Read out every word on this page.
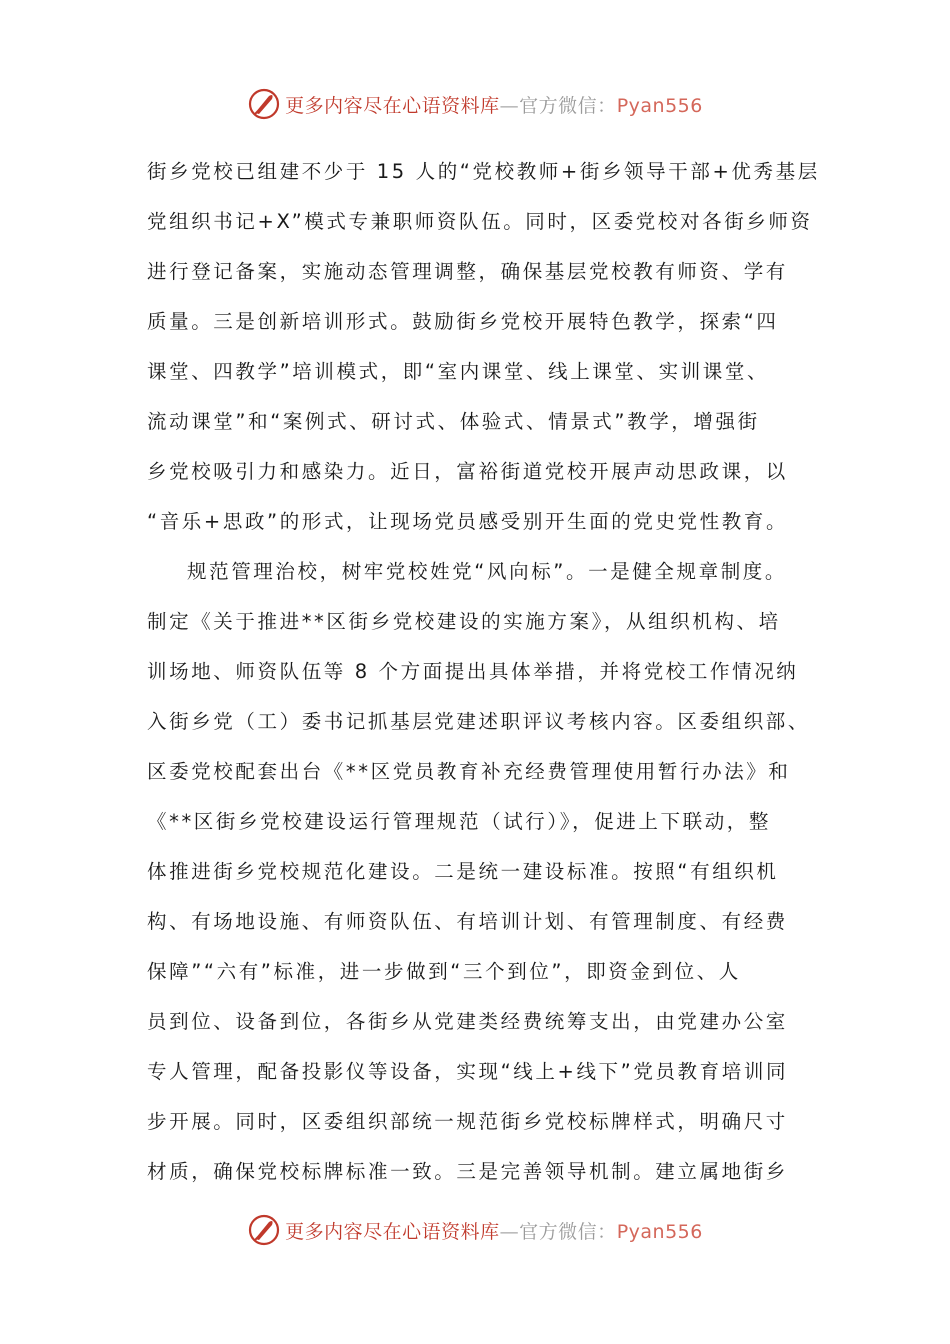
更多内容尽在心语资料库—官方微信：Pyan556
街乡党校已组建不少于 15 人的“党校教师+街乡领导干部+优秀基层
党组织书记+X”模式专兼职师资队伍。同时，区委党校对各街乡师资
进行登记备案，实施动态管理调整，确保基层党校教有师资、学有
质量。三是创新培训形式。鼓励街乡党校开展特色教学，探索“四
课堂、四教学”培训模式，即“室内课堂、线上课堂、实训课堂、
流动课堂”和“案例式、研讨式、体验式、情景式”教学，增强街
乡党校吸引力和感染力。近日，富裕街道党校开展声动思政课，以
“音乐+思政”的形式，让现场党员感受别开生面的党史党性教育。
规范管理治校，树牢党校姓党“风向标”。一是健全规章制度。
制定《关于推进**区街乡党校建设的实施方案》，从组织机构、培
训场地、师资队伍等 8 个方面提出具体举措，并将党校工作情况纳
入街乡党（工）委书记抓基层党建述职评议考核内容。区委组织部、
区委党校配套出台《**区党员教育补充经费管理使用暂行办法》和
《**区街乡党校建设运行管理规范（试行）》，促进上下联动，整
体推进街乡党校规范化建设。二是统一建设标准。按照“有组织机
构、有场地设施、有师资队伍、有培训计划、有管理制度、有经费
保障”“六有”标准，进一步做到“三个到位”，即资金到位、人
员到位、设备到位，各街乡从党建类经费统筹支出，由党建办公室
专人管理，配备投影仪等设备，实现“线上+线下”党员教育培训同
步开展。同时，区委组织部统一规范街乡党校标牌样式，明确尺寸
材质，确保党校标牌标准一致。三是完善领导机制。建立属地街乡
更多内容尽在心语资料库—官方微信：Pyan556
